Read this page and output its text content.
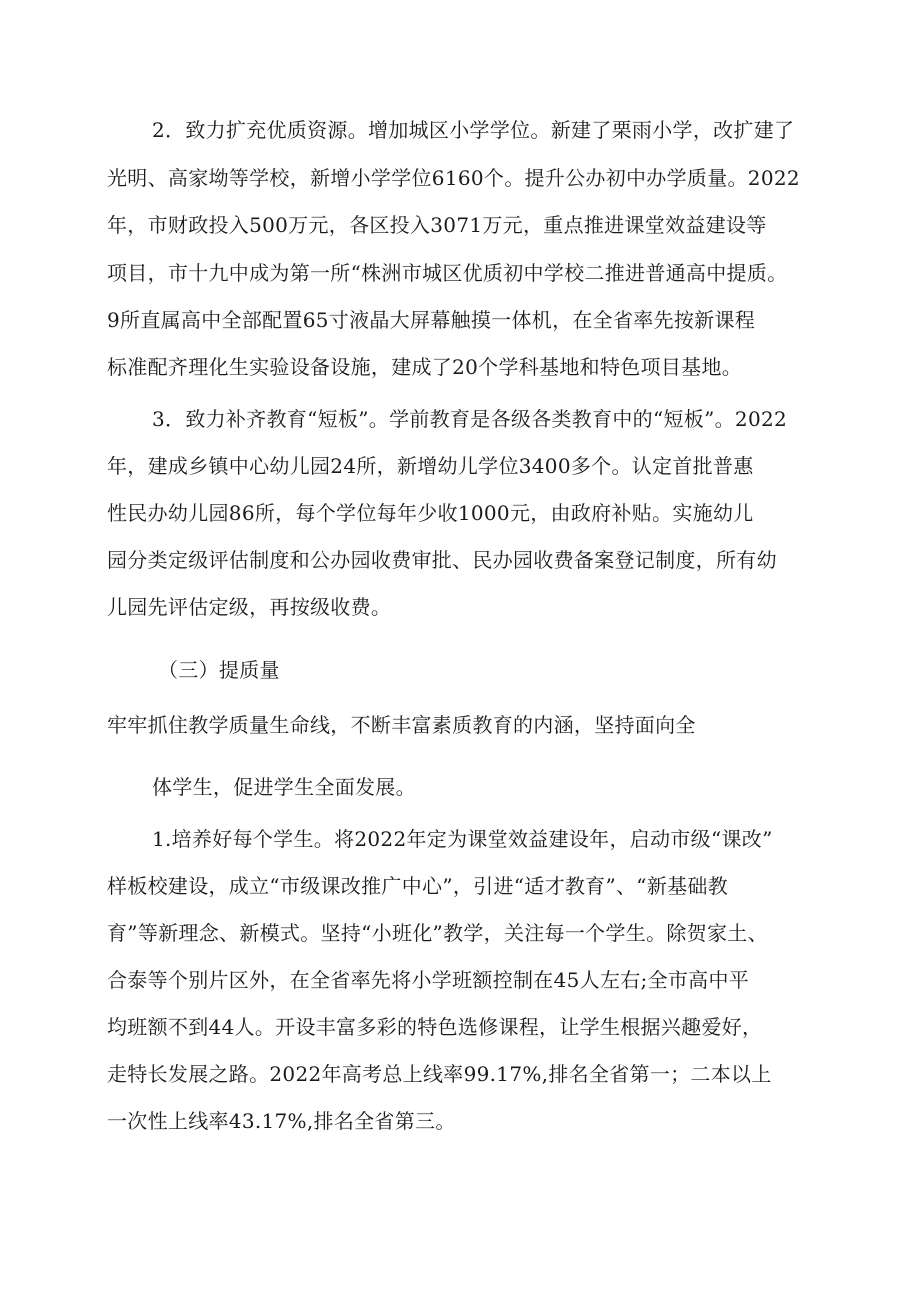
2．致力扩充优质资源。增加城区小学学位。新建了栗雨小学，改扩建了
光明、高家坳等学校，新增小学学位6160个。提升公办初中办学质量。2022
年，市财政投入500万元，各区投入3071万元，重点推进课堂效益建设等
项目，市十九中成为第一所“株洲市城区优质初中学校二推进普通高中提质。
9所直属高中全部配置65寸液晶大屏幕触摸一体机，在全省率先按新课程
标准配齐理化生实验设备设施，建成了20个学科基地和特色项目基地。
3．致力补齐教育“短板”。学前教育是各级各类教育中的“短板”。2022
年，建成乡镇中心幼儿园24所，新增幼儿学位3400多个。认定首批普惠
性民办幼儿园86所，每个学位每年少收1000元，由政府补贴。实施幼儿
园分类定级评估制度和公办园收费审批、民办园收费备案登记制度，所有幼
儿园先评估定级，再按级收费。
（三）提质量
牢牢抓住教学质量生命线，不断丰富素质教育的内涵，坚持面向全
体学生，促进学生全面发展。
1.培养好每个学生。将2022年定为课堂效益建设年，启动市级“课改”
样板校建设，成立“市级课改推广中心”，引进“适才教育”、“新基础教
育”等新理念、新模式。坚持“小班化”教学，关注每一个学生。除贺家土、
合泰等个别片区外，在全省率先将小学班额控制在45人左右;全市高中平
均班额不到44人。开设丰富多彩的特色选修课程，让学生根据兴趣爱好，
走特长发展之路。2022年高考总上线率99.17%,排名全省第一；二本以上
一次性上线率43.17%,排名全省第三。
